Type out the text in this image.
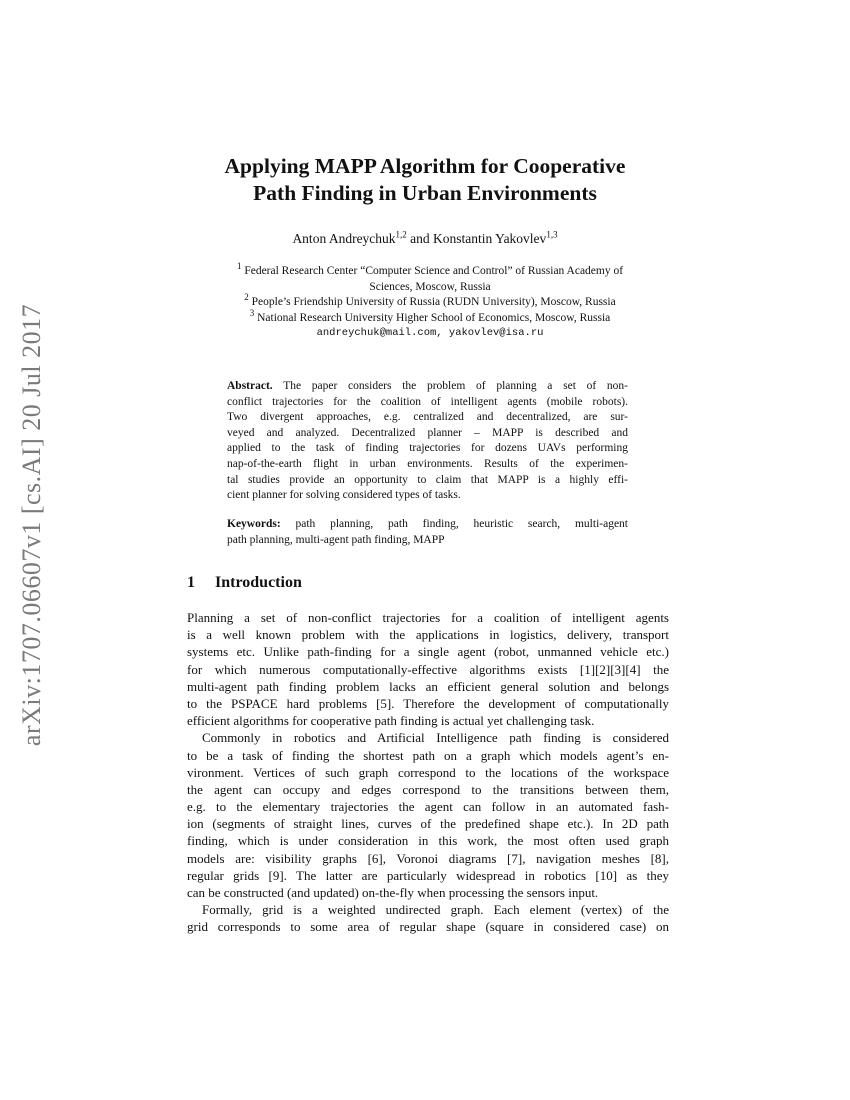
arXiv:1707.06607v1 [cs.AI] 20 Jul 2017
Applying MAPP Algorithm for Cooperative
Path Finding in Urban Environments
Anton Andreychuk$^{1,2}$ and Konstantin Yakovlev$^{1,3}$
$^1$ Federal Research Center “Computer Science and Control” of Russian Academy of
Sciences, Moscow, Russia
$^2$ People’s Friendship University of Russia (RUDN University), Moscow, Russia
$^3$ National Research University Higher School of Economics, Moscow, Russia
andreychuk@mail.com, yakovlev@isa.ru
Abstract. The paper considers the problem of planning a set of non-
conflict trajectories for the coalition of intelligent agents (mobile robots).
Two divergent approaches, e.g. centralized and decentralized, are sur-
veyed and analyzed. Decentralized planner – MAPP is described and
applied to the task of finding trajectories for dozens UAVs performing
nap-of-the-earth flight in urban environments. Results of the experimen-
tal studies provide an opportunity to claim that MAPP is a highly effi-
cient planner for solving considered types of tasks.
Keywords: path planning, path finding, heuristic search, multi-agent
path planning, multi-agent path finding, MAPP
1 Introduction
Planning a set of non-conflict trajectories for a coalition of intelligent agents
is a well known problem with the applications in logistics, delivery, transport
systems etc. Unlike path-finding for a single agent (robot, unmanned vehicle etc.)
for which numerous computationally-effective algorithms exists [1][2][3][4] the
multi-agent path finding problem lacks an efficient general solution and belongs
to the PSPACE hard problems [5]. Therefore the development of computationally
efficient algorithms for cooperative path finding is actual yet challenging task.
Commonly in robotics and Artificial Intelligence path finding is considered
to be a task of finding the shortest path on a graph which models agent’s en-
vironment. Vertices of such graph correspond to the locations of the workspace
the agent can occupy and edges correspond to the transitions between them,
e.g. to the elementary trajectories the agent can follow in an automated fash-
ion (segments of straight lines, curves of the predefined shape etc.). In 2D path
finding, which is under consideration in this work, the most often used graph
models are: visibility graphs [6], Voronoi diagrams [7], navigation meshes [8],
regular grids [9]. The latter are particularly widespread in robotics [10] as they
can be constructed (and updated) on-the-fly when processing the sensors input.
Formally, grid is a weighted undirected graph. Each element (vertex) of the
grid corresponds to some area of regular shape (square in considered case) on
